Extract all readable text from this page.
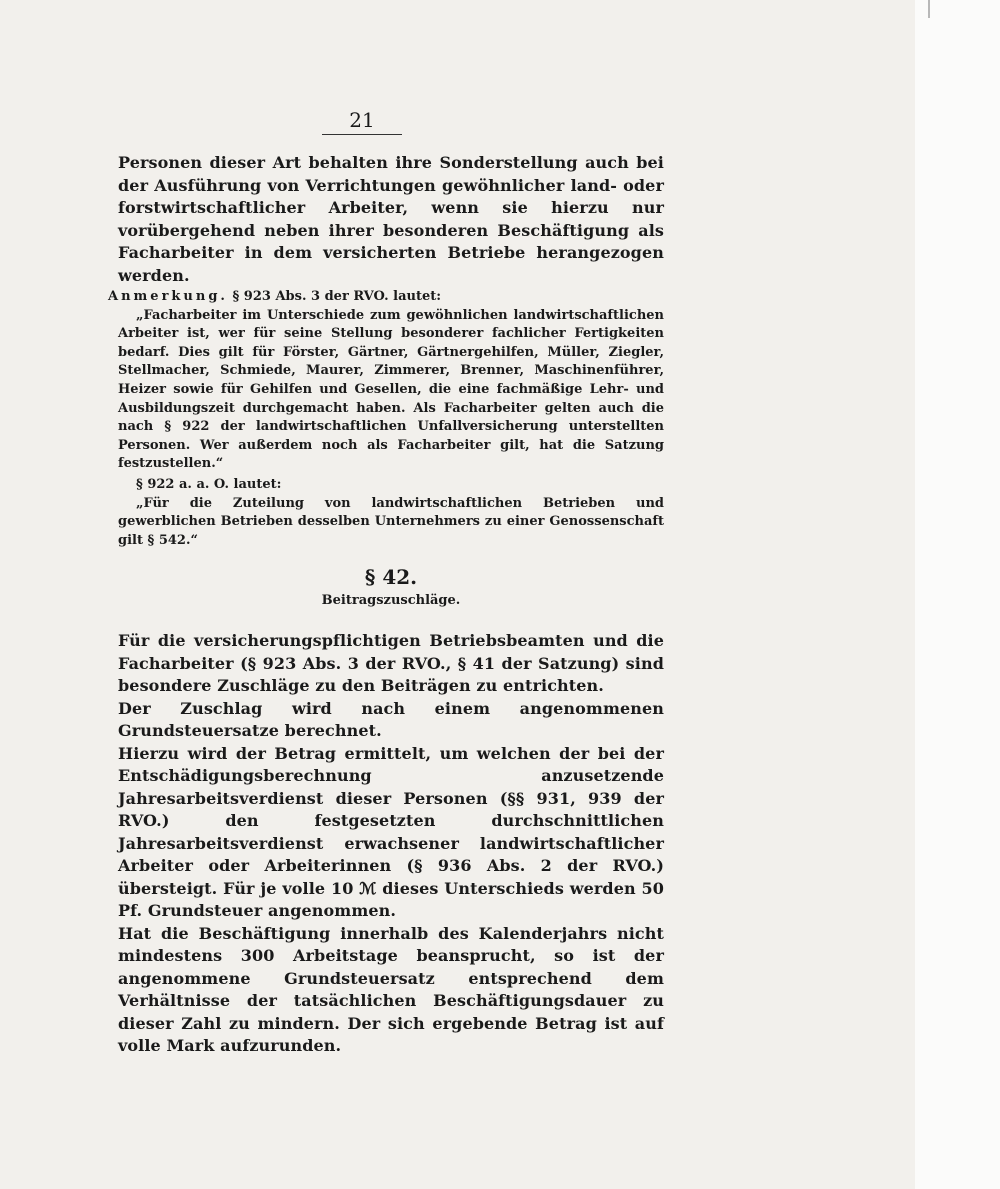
21

Personen dieser Art behalten ihre Sonderstellung auch bei der Ausführung von Verrichtungen gewöhnlicher land- oder forstwirtschaftlicher Arbeiter, wenn sie hierzu nur vorübergehend neben ihrer besonderen Beschäftigung als Facharbeiter in dem versicherten Betriebe herangezogen werden.

Anmerkung. § 923 Abs. 3 der RVO. lautet:

„Facharbeiter im Unterschiede zum gewöhnlichen landwirtschaftlichen Arbeiter ist, wer für seine Stellung besonderer fachlicher Fertigkeiten bedarf. Dies gilt für Förster, Gärtner, Gärtnergehilfen, Müller, Ziegler, Stellmacher, Schmiede, Maurer, Zimmerer, Brenner, Maschinenführer, Heizer sowie für Gehilfen und Gesellen, die eine fachmäßige Lehr- und Ausbildungszeit durchgemacht haben. Als Facharbeiter gelten auch die nach § 922 der landwirtschaftlichen Unfallversicherung unterstellten Personen. Wer außerdem noch als Facharbeiter gilt, hat die Satzung festzustellen.“

§ 922 a. a. O. lautet:

„Für die Zuteilung von landwirtschaftlichen Betrieben und gewerblichen Betrieben desselben Unternehmers zu einer Genossenschaft gilt § 542.“

§ 42.
Beitragszuschläge.

Für die versicherungspflichtigen Betriebsbeamten und die Facharbeiter (§ 923 Abs. 3 der RVO., § 41 der Satzung) sind besondere Zuschläge zu den Beiträgen zu entrichten.

Der Zuschlag wird nach einem angenommenen Grundsteuersatze berechnet.

Hierzu wird der Betrag ermittelt, um welchen der bei der Entschädigungsberechnung anzusetzende Jahresarbeitsverdienst dieser Personen (§§ 931, 939 der RVO.) den festgesetzten durchschnittlichen Jahresarbeitsverdienst erwachsener landwirtschaftlicher Arbeiter oder Arbeiterinnen (§ 936 Abs. 2 der RVO.) übersteigt. Für je volle 10 ℳ dieses Unterschieds werden 50 Pf. Grundsteuer angenommen.

Hat die Beschäftigung innerhalb des Kalenderjahrs nicht mindestens 300 Arbeitstage beansprucht, so ist der angenommene Grundsteuersatz entsprechend dem Verhältnisse der tatsächlichen Beschäftigungsdauer zu dieser Zahl zu mindern. Der sich ergebende Betrag ist auf volle Mark aufzurunden.
